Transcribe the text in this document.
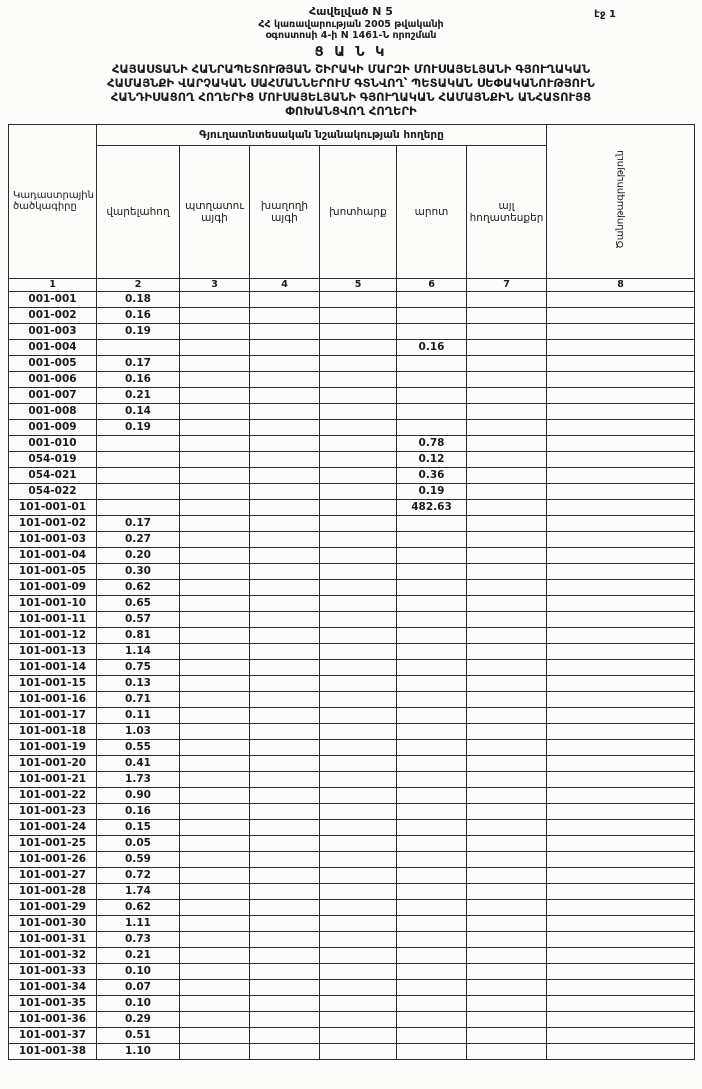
Հավելված N 5
ՀՀ կառավարության 2005 թվականի
օգոստոսի 4-ի N 1461-Ն որոշման
էջ 1
Ց Ա Ն Կ
ՀԱՅԱՍՏԱՆԻ ՀԱՆՐԱՊԵՏՈՒԹՅԱՆ ՇԻՐԱԿԻ ՄԱՐԶԻ ՄՈՒՍԱՅԵԼՅԱՆԻ ԳՅՈՒՂԱԿԱՆ
ՀԱՄԱՅՆՔԻ ՎԱՐՉԱԿԱՆ ՍԱՀՄԱՆՆԵՐՈՒՄ ԳՏՆՎՈՂ՝ ՊԵՏԱԿԱՆ ՍԵՓԱԿԱՆՈՒԹՅՈՒՆ
ՀԱՆԴԻՍԱՑՈՂ ՀՈՂԵՐԻՑ ՄՈՒՍԱՅԵԼՅԱՆԻ ԳՅՈՒՂԱԿԱՆ ՀԱՄԱՅՆՔԻՆ ԱՆՀԱՏՈՒՅՑ
ՓՈԽԱՆՑՎՈՂ ՀՈՂԵՐԻ
Կադաստրային ծածկագիրը	Գյուղատնտեսական նշանակության հողերը						Ծանոթագրություն
	վարելահող	պտղատու այգի	խաղողի այգի	խոտհարք	արոտ	այլ հողատեսքեր	
1	2	3	4	5	6	7	8
001-001	0.18						
001-002	0.16						
001-003	0.19						
001-004					0.16		
001-005	0.17						
001-006	0.16						
001-007	0.21						
001-008	0.14						
001-009	0.19						
001-010					0.78		
054-019					0.12		
054-021					0.36		
054-022					0.19		
101-001-01					482.63		
101-001-02	0.17						
101-001-03	0.27						
101-001-04	0.20						
101-001-05	0.30						
101-001-09	0.62						
101-001-10	0.65						
101-001-11	0.57						
101-001-12	0.81						
101-001-13	1.14						
101-001-14	0.75						
101-001-15	0.13						
101-001-16	0.71						
101-001-17	0.11						
101-001-18	1.03						
101-001-19	0.55						
101-001-20	0.41						
101-001-21	1.73						
101-001-22	0.90						
101-001-23	0.16						
101-001-24	0.15						
101-001-25	0.05						
101-001-26	0.59						
101-001-27	0.72						
101-001-28	1.74						
101-001-29	0.62						
101-001-30	1.11						
101-001-31	0.73						
101-001-32	0.21						
101-001-33	0.10						
101-001-34	0.07						
101-001-35	0.10						
101-001-36	0.29						
101-001-37	0.51						
101-001-38	1.10						
